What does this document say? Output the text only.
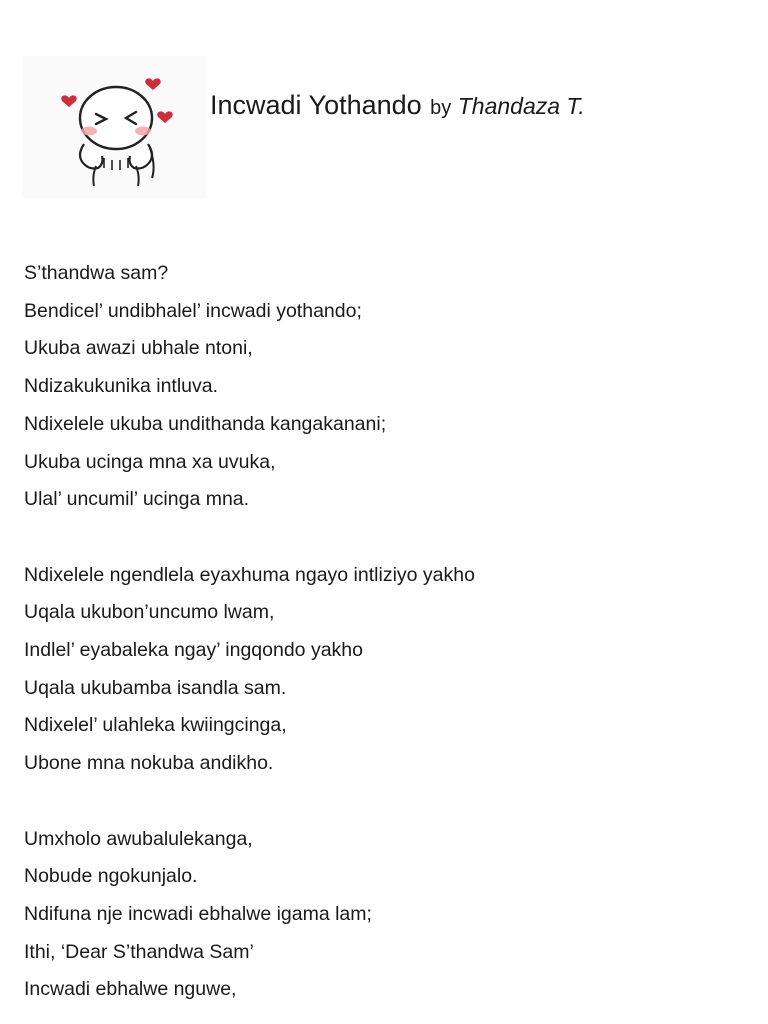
Incwadi Yothando by Thandaza T.
S’thandwa sam?
Bendicel’ undibhalel’ incwadi yothando;
Ukuba awazi ubhale ntoni,
Ndizakukunika intluva.
Ndixelele ukuba undithanda kangakanani;
Ukuba ucinga mna xa uvuka,
Ulal’ uncumil’ ucinga mna.
Ndixelele ngendlela eyaxhuma ngayo intliziyo yakho
Uqala ukubon’uncumo lwam,
Indlel’ eyabaleka ngay’ ingqondo yakho
Uqala ukubamba isandla sam.
Ndixelel’ ulahleka kwiingcinga,
Ubone mna nokuba andikho.
Umxholo awubalulekanga,
Nobude ngokunjalo.
Ndifuna nje incwadi ebhalwe igama lam;
Ithi, ‘Dear S’thandwa Sam’
Incwadi ebhalwe nguwe,
